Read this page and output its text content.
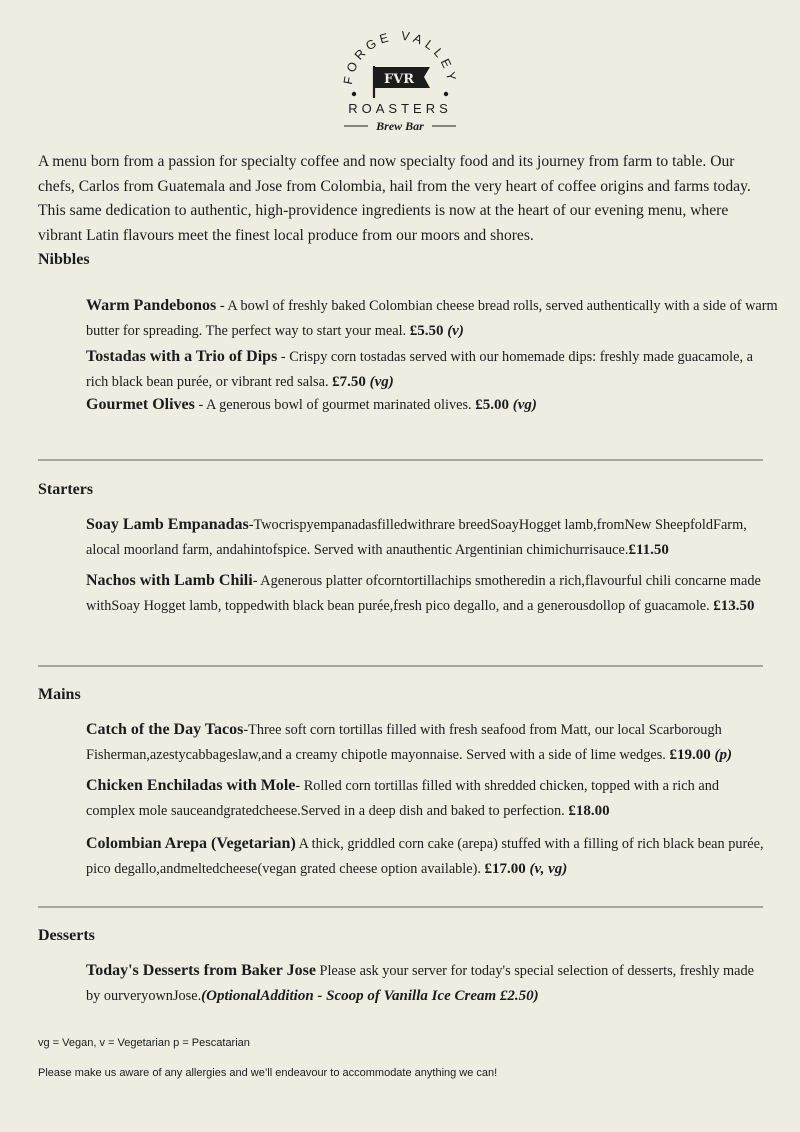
FORGE VALLEY
FVR
ROASTERS
Brew Bar
A menu born from a passion for specialty coffee and now specialty food and its journey from farm to table. Our chefs, Carlos from Guatemala and Jose from Colombia, hail from the very heart of coffee origins and farms today. This same dedication to authentic, high-providence ingredients is now at the heart of our evening menu, where vibrant Latin flavours meet the finest local produce from our moors and shores.
Nibbles
Warm Pandebonos - A bowl of freshly baked Colombian cheese bread rolls, served authentically with a side of warm butter for spreading. The perfect way to start your meal. £5.50 (v)
Tostadas with a Trio of Dips - Crispy corn tostadas served with our homemade dips: freshly made guacamole, a rich black bean purée, or vibrant red salsa. £7.50 (vg)
Gourmet Olives - A generous bowl of gourmet marinated olives. £5.00 (vg)
Starters
Soay Lamb Empanadas-Twocrispyempanadasfilledwithrare breedSoayHogget lamb,fromNew SheepfoldFarm, alocal moorland farm, andahintofspice. Served with anauthentic Argentinian chimichurrisauce.£11.50
Nachos with Lamb Chili- Agenerous platter ofcorntortillachips smotheredin a rich,flavourful chili concarne made withSoay Hogget lamb, toppedwith black bean purée,fresh pico degallo, and a generousdollop of guacamole. £13.50
Mains
Catch of the Day Tacos-Three soft corn tortillas filled with fresh seafood from Matt, our local Scarborough Fisherman,azestycabbageslaw,and a creamy chipotle mayonnaise. Served with a side of lime wedges. £19.00 (p)
Chicken Enchiladas with Mole- Rolled corn tortillas filled with shredded chicken, topped with a rich and complex mole sauceandgratedcheese.Served in a deep dish and baked to perfection. £18.00
Colombian Arepa (Vegetarian) A thick, griddled corn cake (arepa) stuffed with a filling of rich black bean purée, pico degallo,andmeltedcheese(vegan grated cheese option available). £17.00 (v, vg)
Desserts
Today's Desserts from Baker Jose Please ask your server for today's special selection of desserts, freshly made by ourveryownJose.(OptionalAddition - Scoop of Vanilla Ice Cream £2.50)
vg = Vegan, v = Vegetarian p = Pescatarian
Please make us aware of any allergies and we’ll endeavour to accommodate anything we can!
